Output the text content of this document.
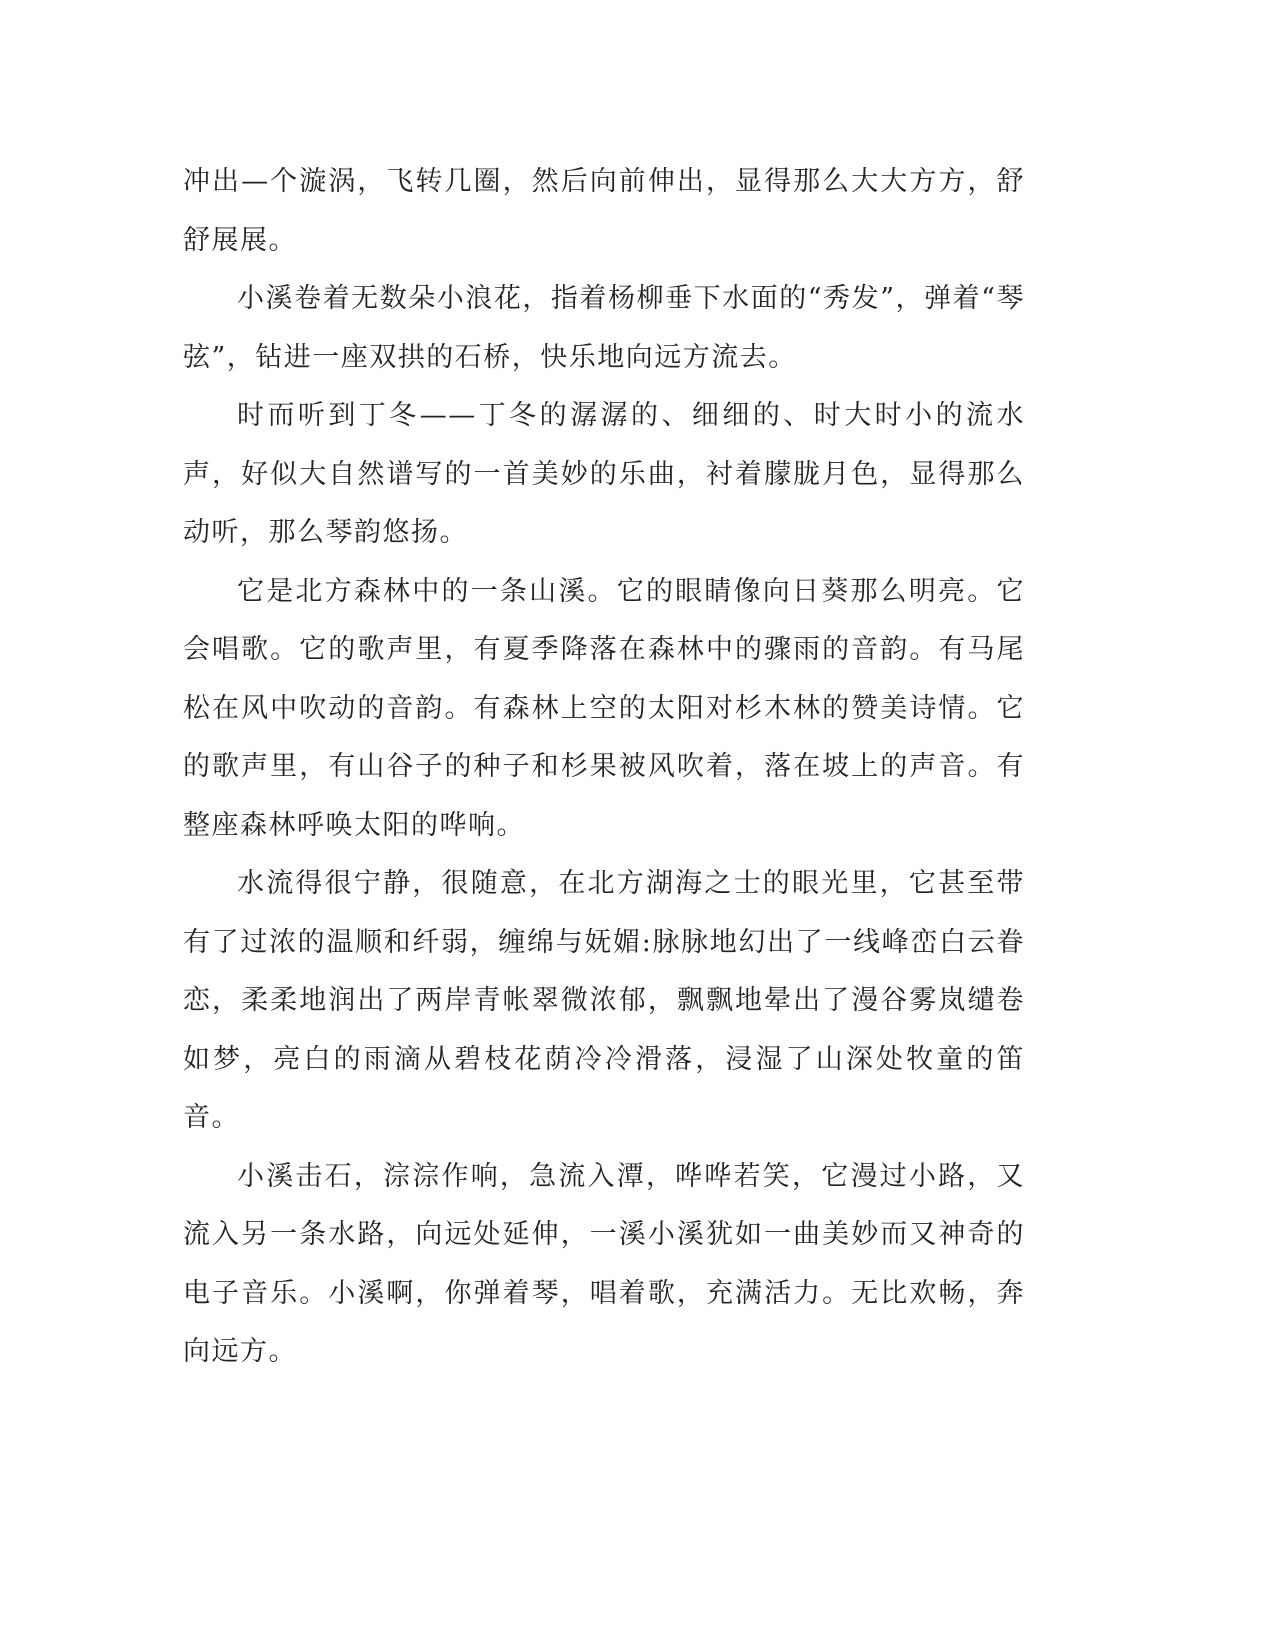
冲出—个漩涡，飞转几圈，然后向前伸出，显得那么大大方方，舒舒展展。

小溪卷着无数朵小浪花，指着杨柳垂下水面的“秀发”，弹着“琴弦”，钻进一座双拱的石桥，快乐地向远方流去。

时而听到丁冬——丁冬的潺潺的、细细的、时大时小的流水声，好似大自然谱写的一首美妙的乐曲，衬着朦胧月色，显得那么动听，那么琴韵悠扬。

它是北方森林中的一条山溪。它的眼睛像向日葵那么明亮。它会唱歌。它的歌声里，有夏季降落在森林中的骤雨的音韵。有马尾松在风中吹动的音韵。有森林上空的太阳对杉木林的赞美诗情。它的歌声里，有山谷子的种子和杉果被风吹着，落在坡上的声音。有整座森林呼唤太阳的哗响。

水流得很宁静，很随意，在北方湖海之士的眼光里，它甚至带有了过浓的温顺和纤弱，缠绵与妩媚:脉脉地幻出了一线峰峦白云眷恋，柔柔地润出了两岸青帐翠微浓郁，飘飘地晕出了漫谷雾岚缱卷如梦，亮白的雨滴从碧枝花荫冷冷滑落，浸湿了山深处牧童的笛音。

小溪击石，淙淙作响，急流入潭，哗哗若笑，它漫过小路，又流入另一条水路，向远处延伸，一溪小溪犹如一曲美妙而又神奇的电子音乐。小溪啊，你弹着琴，唱着歌，充满活力。无比欢畅，奔向远方。
